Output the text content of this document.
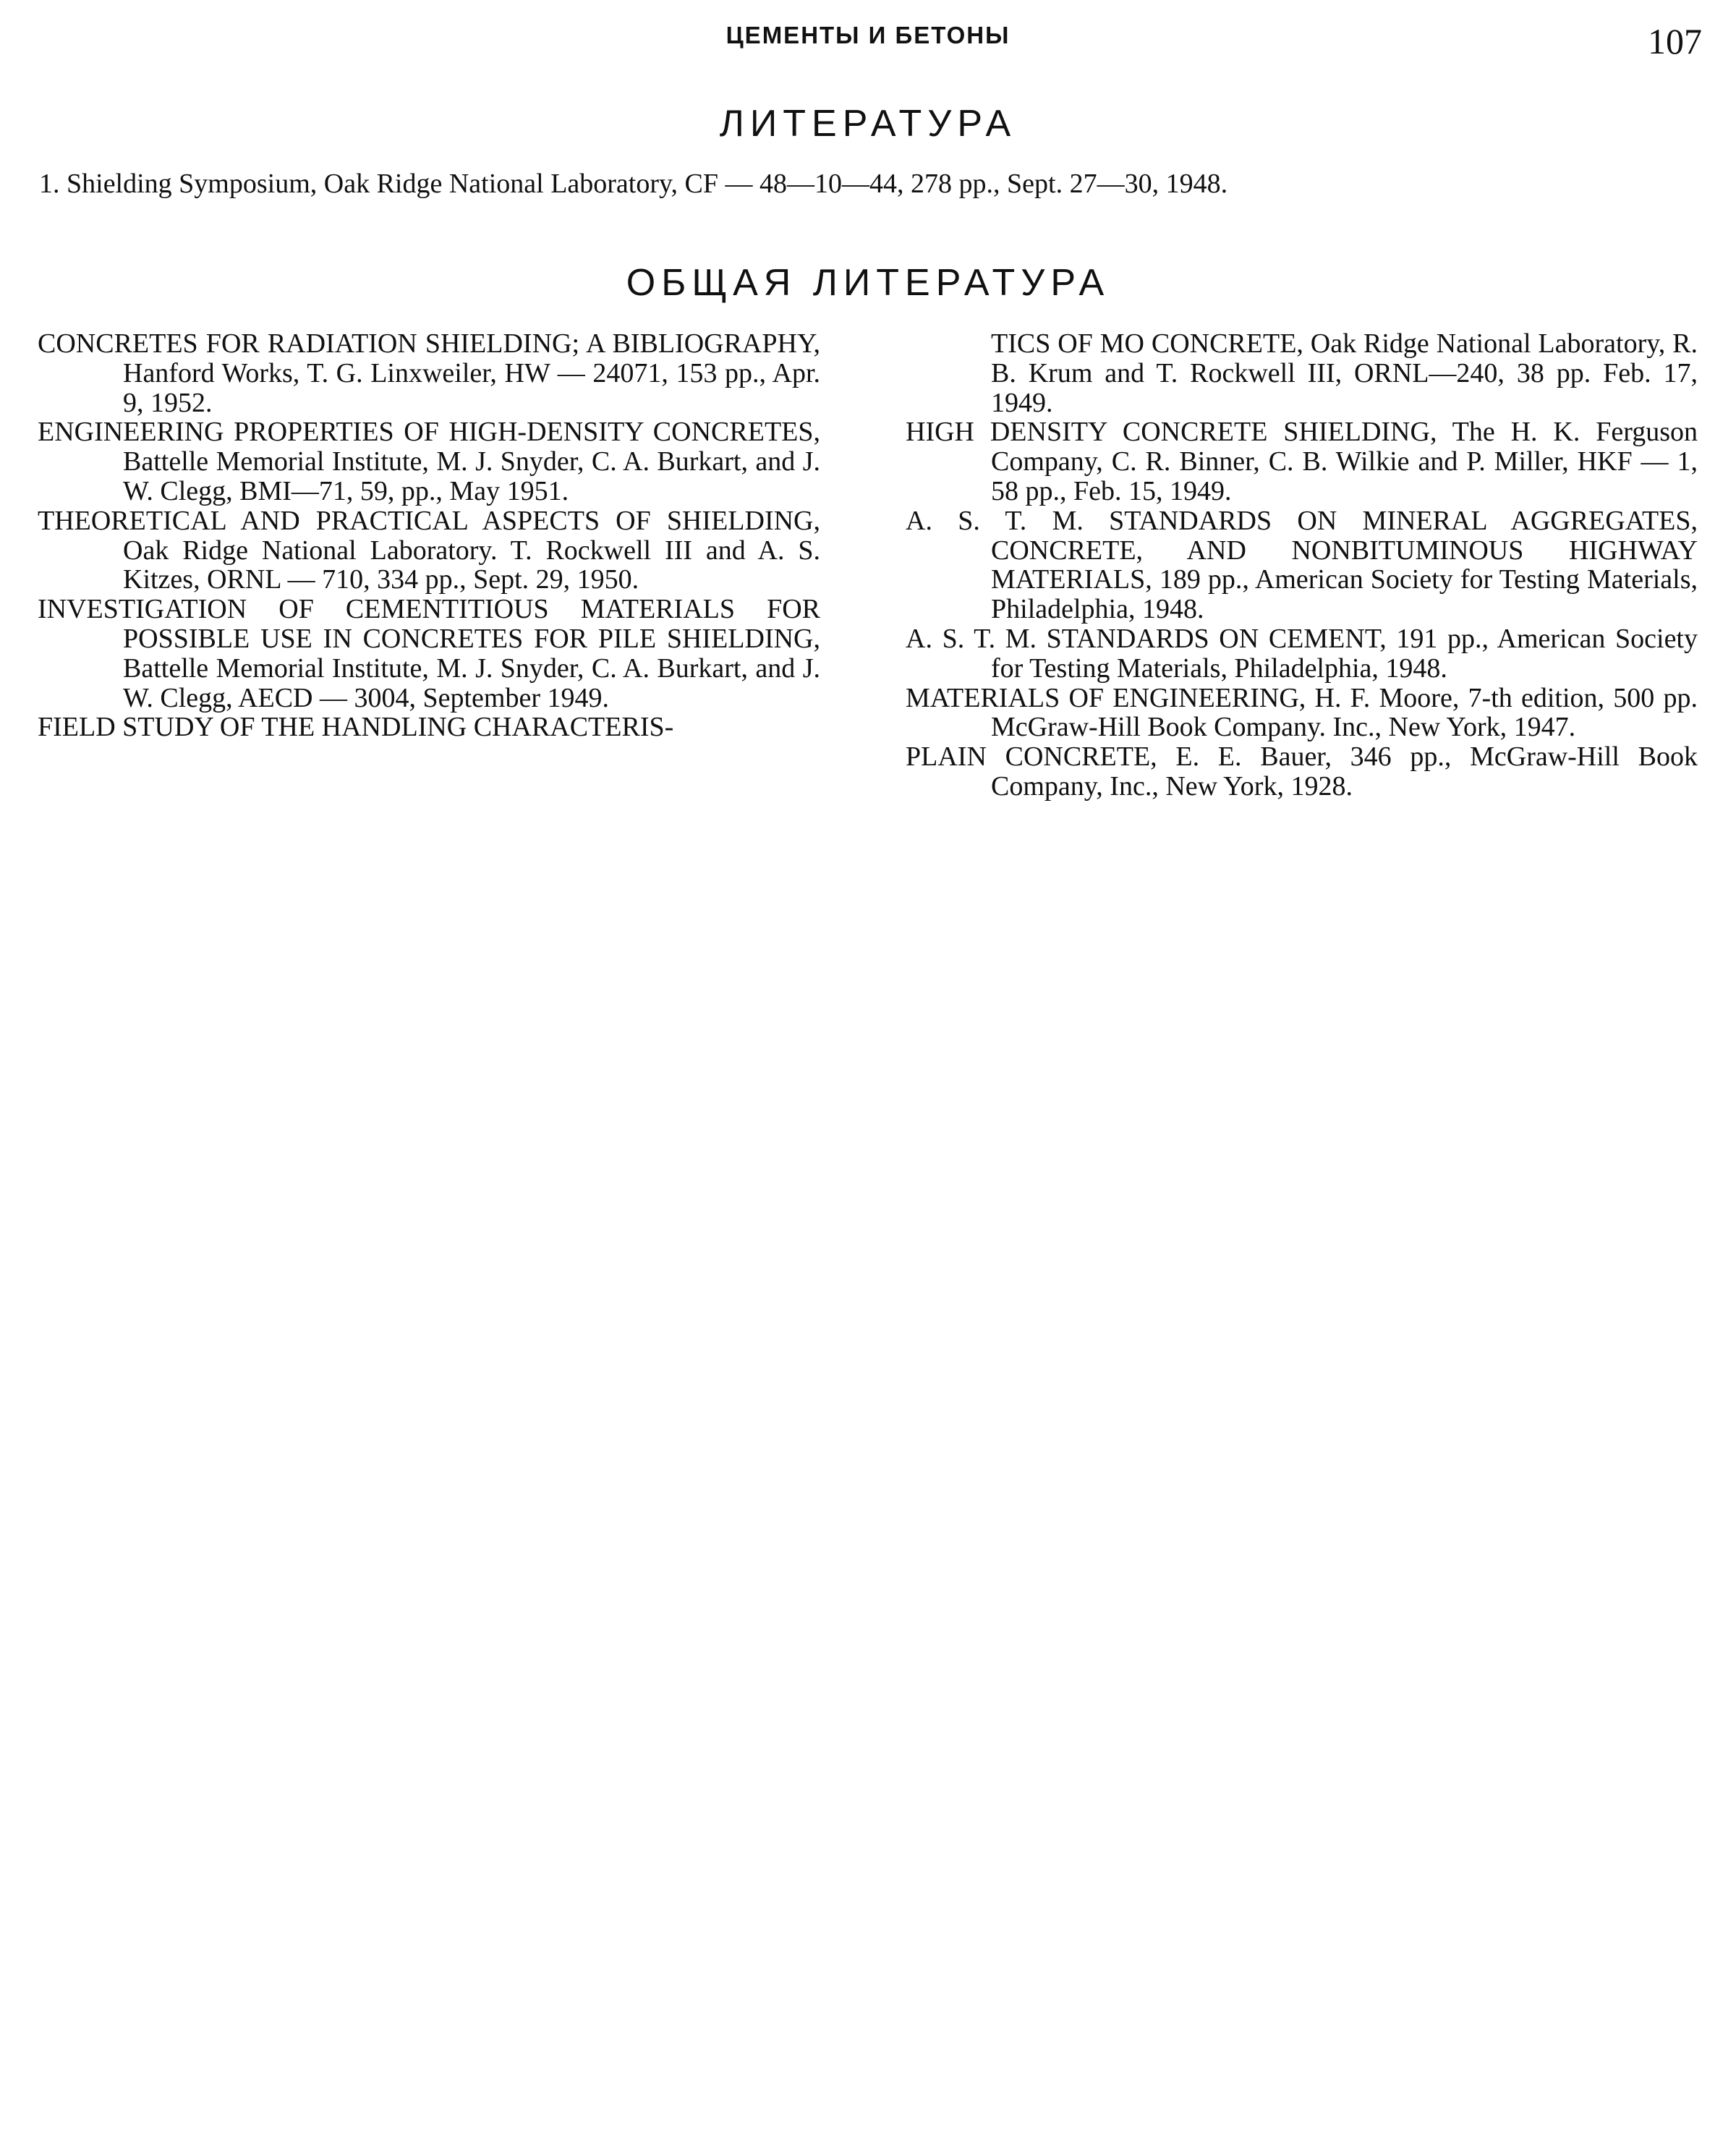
ЦЕМЕНТЫ И БЕТОНЫ	107
ЛИТЕРАТУРА
1. Shielding Symposium, Oak Ridge National Laboratory, CF — 48—10—44, 278 pp., Sept. 27—30, 1948.
ОБЩАЯ ЛИТЕРАТУРА

CONCRETES FOR RADIATION SHIELDING; A BIBLIOGRAPHY, Hanford Works, T. G. Linxweiler, HW — 24071, 153 pp., Apr. 9, 1952.

ENGINEERING PROPERTIES OF HIGH-DENSITY CONCRETES, Battelle Memorial Institute, M. J. Snyder, C. A. Burkart, and J. W. Clegg, BMI—71, 59, pp., May 1951.

THEORETICAL AND PRACTICAL ASPECTS OF SHIELDING, Oak Ridge National Laboratory. T. Rockwell III and A. S. Kitzes, ORNL — 710, 334 pp., Sept. 29, 1950.

INVESTIGATION OF CEMENTITIOUS MATERIALS FOR POSSIBLE USE IN CONCRETES FOR PILE SHIELDING, Battelle Memorial Institute, M. J. Snyder, C. A. Burkart, and J. W. Clegg, AECD — 3004, September 1949.

FIELD STUDY OF THE HANDLING CHARACTERIS-

TICS OF MO CONCRETE, Oak Ridge National Laboratory, R. B. Krum and T. Rockwell III, ORNL—240, 38 pp. Feb. 17, 1949.

HIGH DENSITY CONCRETE SHIELDING, The H. K. Ferguson Company, C. R. Binner, C. B. Wilkie and P. Miller, HKF — 1, 58 pp., Feb. 15, 1949.

A. S. T. M. STANDARDS ON MINERAL AGGREGATES, CONCRETE, AND NONBITUMINOUS HIGHWAY MATERIALS, 189 pp., American Society for Testing Materials, Philadelphia, 1948.

A. S. T. M. STANDARDS ON CEMENT, 191 pp., American Society for Testing Materials, Philadelphia, 1948.

MATERIALS OF ENGINEERING, H. F. Moore, 7-th edition, 500 pp. McGraw-Hill Book Company. Inc., New York, 1947.

PLAIN CONCRETE, E. E. Bauer, 346 pp., McGraw-Hill Book Company, Inc., New York, 1928.
